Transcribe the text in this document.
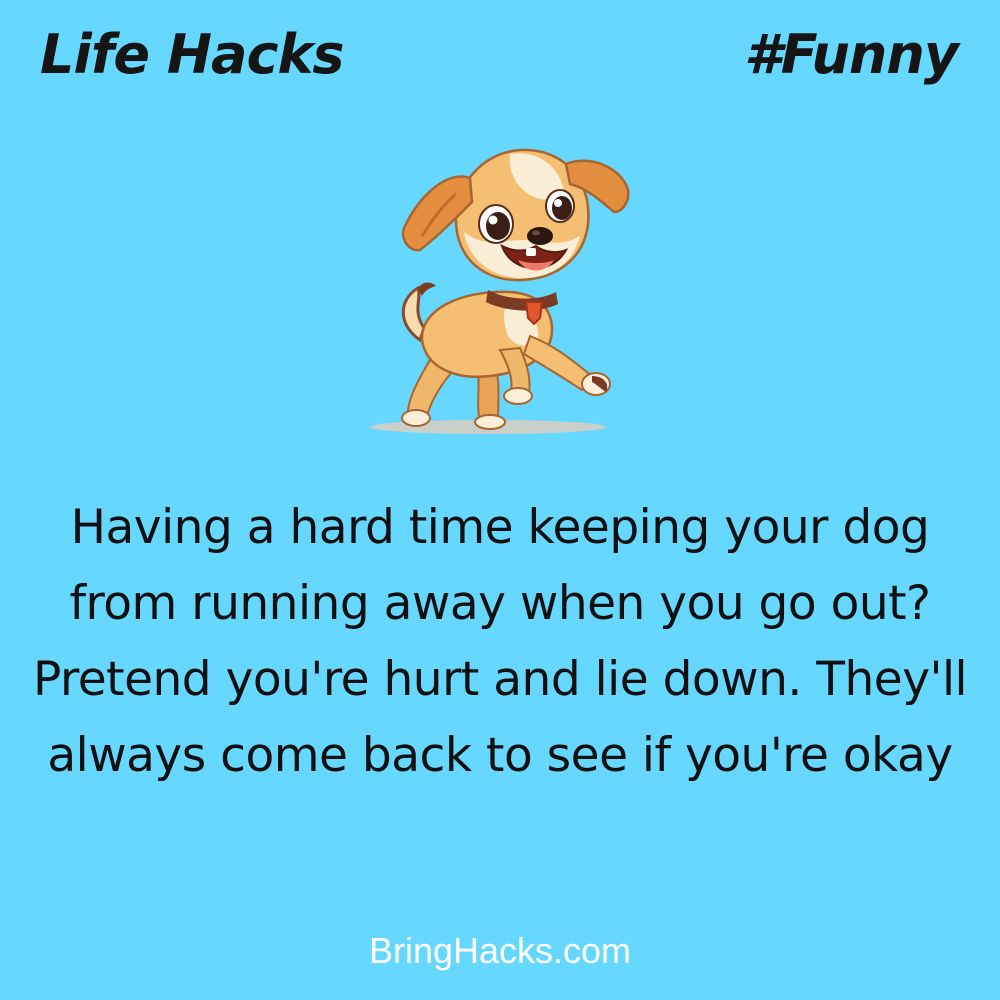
Life Hacks	#Funny
Having a hard time keeping your dog from running away when you go out? Pretend you're hurt and lie down. They'll always come back to see if you're okay
BringHacks.com
